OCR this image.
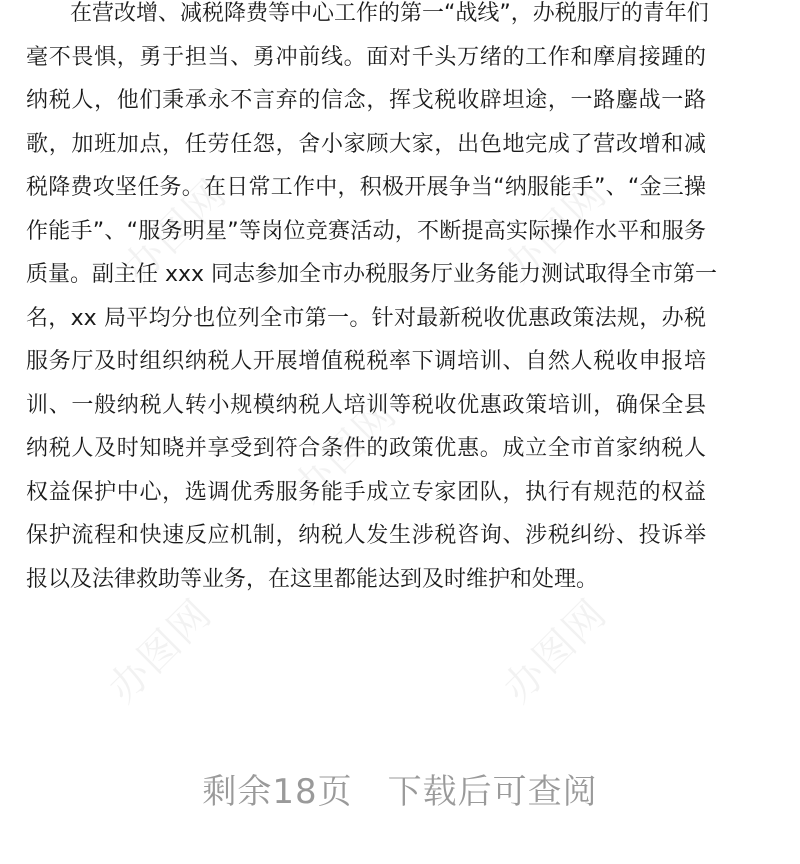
办图网	办图网
办图网
办图网	办图网
在营改增、减税降费等中心工作的第一“战线”，办税服厅的青年们
毫不畏惧，勇于担当、勇冲前线。面对千头万绪的工作和摩肩接踵的
纳税人，他们秉承永不言弃的信念，挥戈税收辟坦途，一路鏖战一路
歌，加班加点，任劳任怨，舍小家顾大家，出色地完成了营改增和减
税降费攻坚任务。在日常工作中，积极开展争当“纳服能手”、“金三操
作能手”、“服务明星”等岗位竞赛活动，不断提高实际操作水平和服务
质量。副主任 xxx 同志参加全市办税服务厅业务能力测试取得全市第一
名，xx 局平均分也位列全市第一。针对最新税收优惠政策法规，办税
服务厅及时组织纳税人开展增值税税率下调培训、自然人税收申报培
训、一般纳税人转小规模纳税人培训等税收优惠政策培训，确保全县
纳税人及时知晓并享受到符合条件的政策优惠。成立全市首家纳税人
权益保护中心，选调优秀服务能手成立专家团队，执行有规范的权益
保护流程和快速反应机制，纳税人发生涉税咨询、涉税纠纷、投诉举
报以及法律救助等业务，在这里都能达到及时维护和处理。
剩余18页　下载后可查阅
